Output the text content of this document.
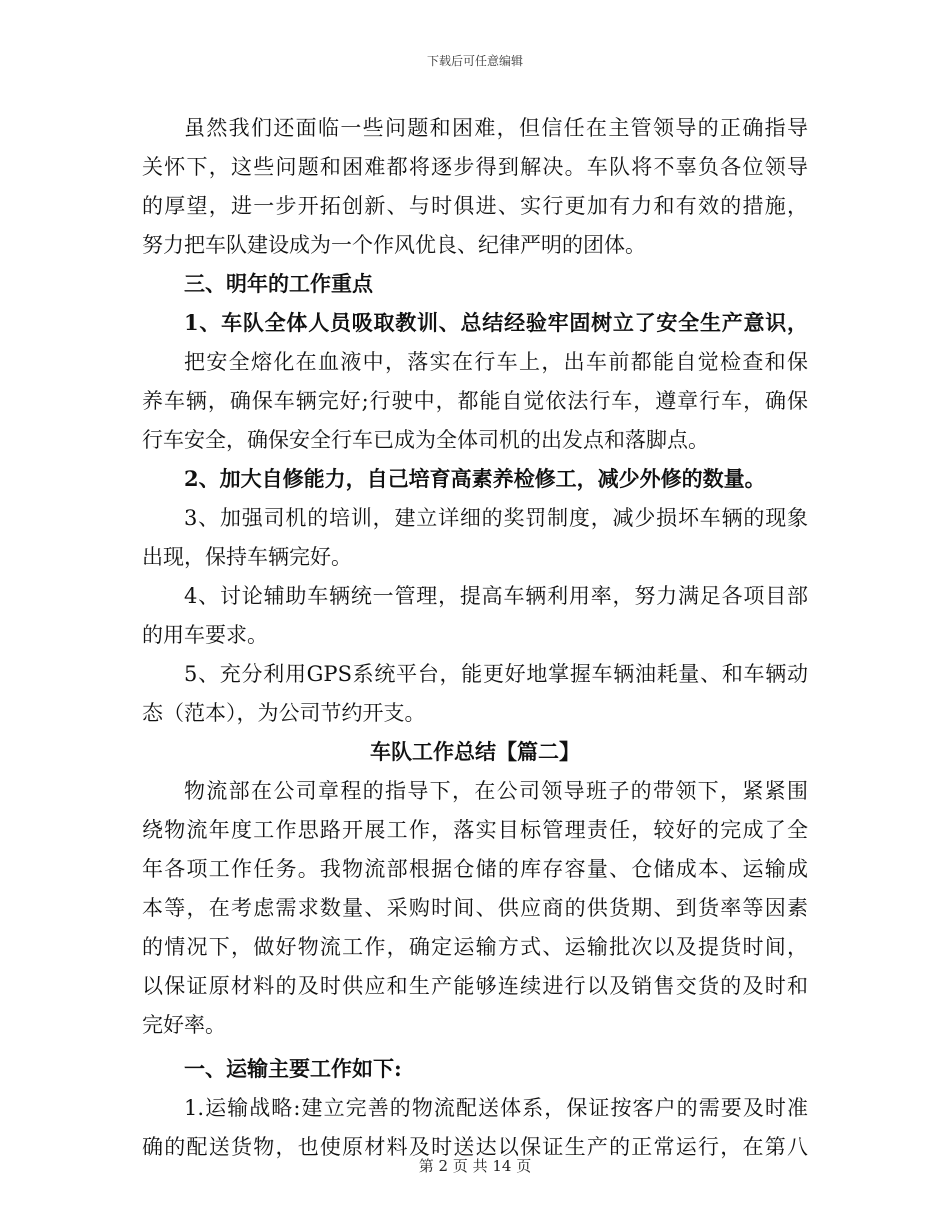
下载后可任意编辑
虽然我们还面临一些问题和困难，但信任在主管领导的正确指导
关怀下，这些问题和困难都将逐步得到解决。车队将不辜负各位领导
的厚望，进一步开拓创新、与时俱进、实行更加有力和有效的措施，
努力把车队建设成为一个作风优良、纪律严明的团体。
三、明年的工作重点
1、车队全体人员吸取教训、总结经验牢固树立了安全生产意识，
把安全熔化在血液中，落实在行车上，出车前都能自觉检查和保
养车辆，确保车辆完好;行驶中，都能自觉依法行车，遵章行车，确保
行车安全，确保安全行车已成为全体司机的出发点和落脚点。
2、加大自修能力，自己培育高素养检修工，减少外修的数量。
3、加强司机的培训，建立详细的奖罚制度，减少损坏车辆的现象
出现，保持车辆完好。
4、讨论辅助车辆统一管理，提高车辆利用率，努力满足各项目部
的用车要求。
5、充分利用GPS系统平台，能更好地掌握车辆油耗量、和车辆动
态（范本），为公司节约开支。
车队工作总结【篇二】
物流部在公司章程的指导下，在公司领导班子的带领下，紧紧围
绕物流年度工作思路开展工作，落实目标管理责任，较好的完成了全
年各项工作任务。我物流部根据仓储的库存容量、仓储成本、运输成
本等，在考虑需求数量、采购时间、供应商的供货期、到货率等因素
的情况下，做好物流工作，确定运输方式、运输批次以及提货时间，
以保证原材料的及时供应和生产能够连续进行以及销售交货的及时和
完好率。
一、运输主要工作如下:
1.运输战略:建立完善的物流配送体系，保证按客户的需要及时准
确的配送货物，也使原材料及时送达以保证生产的正常运行，在第八
第 2 页 共 14 页
